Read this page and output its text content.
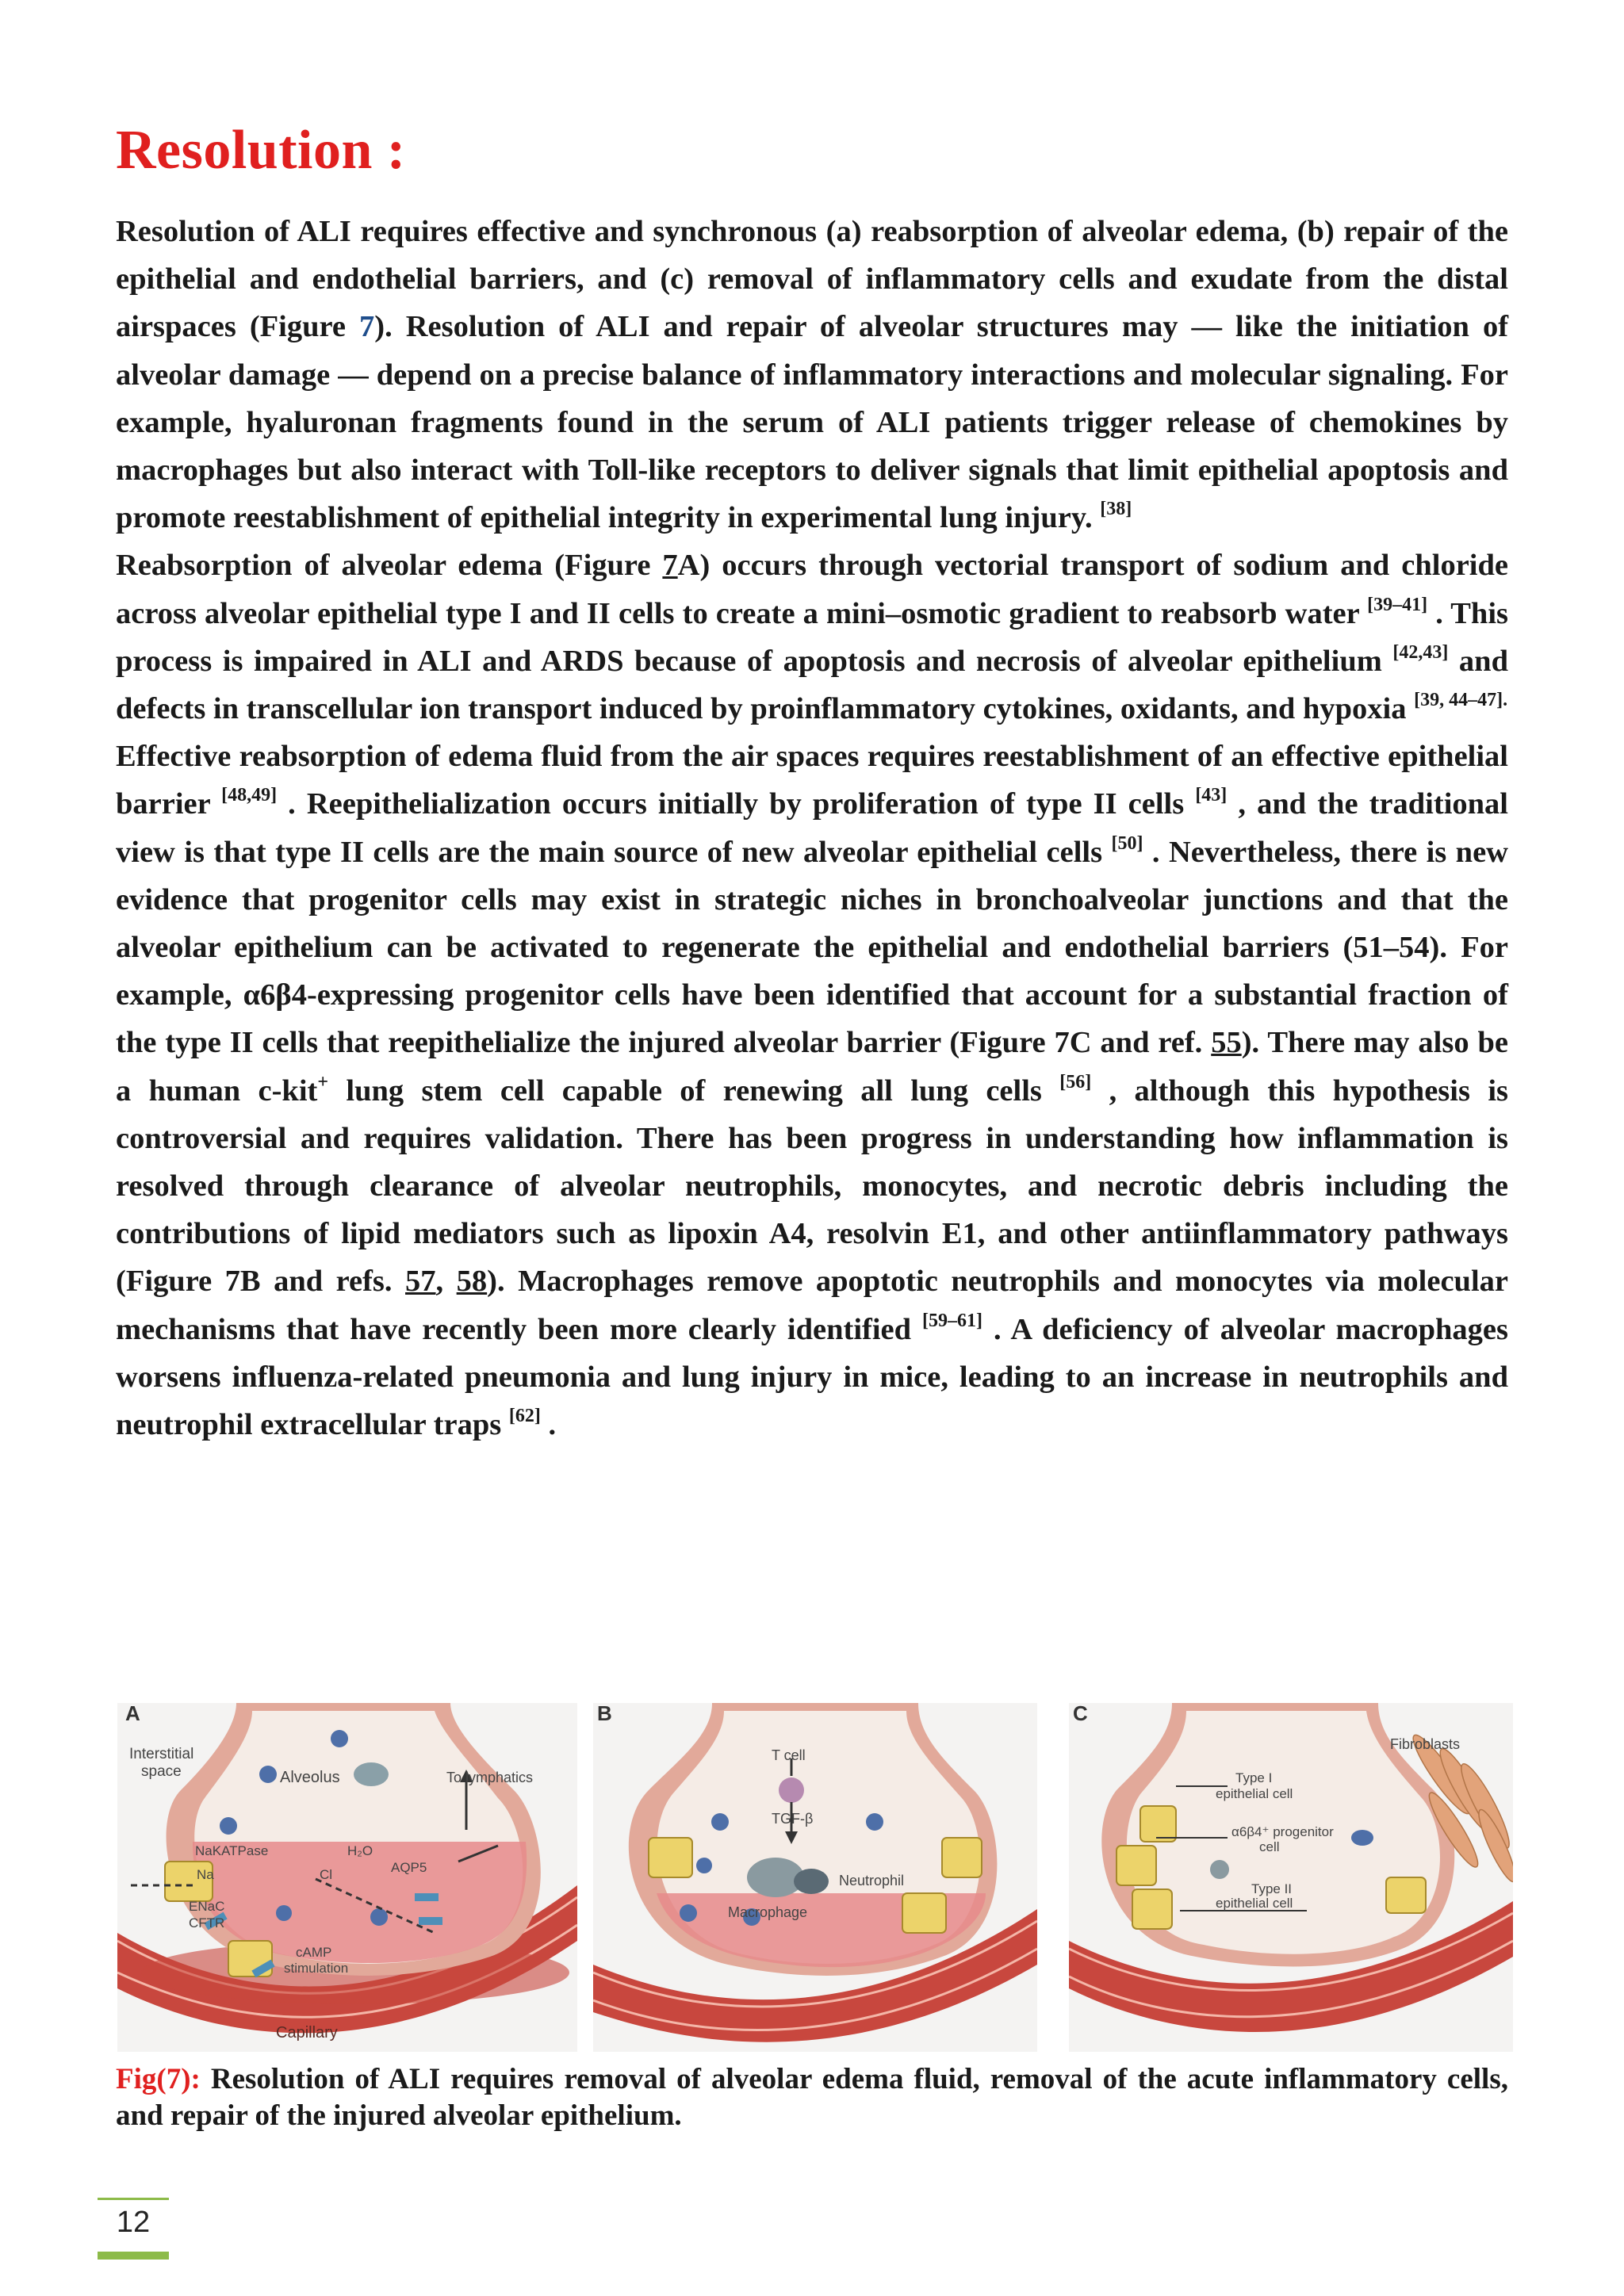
Resolution :

Resolution of ALI requires effective and synchronous (a) reabsorption of alveolar edema, (b) repair of the epithelial and endothelial barriers, and (c) removal of inflammatory cells and exudate from the distal airspaces (Figure 7). Resolution of ALI and repair of alveolar structures may — like the initiation of alveolar damage — depend on a precise balance of inflammatory interactions and molecular signaling. For example, hyaluronan fragments found in the serum of ALI patients trigger release of chemokines by macrophages but also interact with Toll-like receptors to deliver signals that limit epithelial apoptosis and promote reestablishment of epithelial integrity in experimental lung injury. [38]

Reabsorption of alveolar edema (Figure 7A) occurs through vectorial transport of sodium and chloride across alveolar epithelial type I and II cells to create a mini–osmotic gradient to reabsorb water [39–41] . This process is impaired in ALI and ARDS because of apoptosis and necrosis of alveolar epithelium [42,43] and defects in transcellular ion transport induced by proinflammatory cytokines, oxidants, and hypoxia $^{[39, 44-47].}$

Effective reabsorption of edema fluid from the air spaces requires reestablishment of an effective epithelial barrier [48,49] . Reepithelialization occurs initially by proliferation of type II cells [43] , and the traditional view is that type II cells are the main source of new alveolar epithelial cells [50] . Nevertheless, there is new evidence that progenitor cells may exist in strategic niches in bronchoalveolar junctions and that the alveolar epithelium can be activated to regenerate the epithelial and endothelial barriers (51–54). For example, α6β4-expressing progenitor cells have been identified that account for a substantial fraction of the type II cells that reepithelialize the injured alveolar barrier (Figure 7C and ref. 55). There may also be a human c-kit+ lung stem cell capable of renewing all lung cells [56] , although this hypothesis is controversial and requires validation. There has been progress in understanding how inflammation is resolved through clearance of alveolar neutrophils, monocytes, and necrotic debris including the contributions of lipid mediators such as lipoxin A4, resolvin E1, and other antiinflammatory pathways (Figure 7B and refs. 57, 58). Macrophages remove apoptotic neutrophils and monocytes via molecular mechanisms that have recently been more clearly identified [59–61] . A deficiency of alveolar macrophages worsens influenza-related pneumonia and lung injury in mice, leading to an increase in neutrophils and neutrophil extracellular traps [62] .

A
Interstitial
space	Alveolus	To lymphatics
NaKATPase	H₂O
AQP5
Na	Cl
ENaC
CFTR
cAMP
stimulation
Capillary
B
T cell
TGF-β
Neutrophil
Macrophage
C
Fibroblasts
Type I
epithelial cell
α6β4⁺ progenitor
cell
Type II
epithelial cell
Fig(7): Resolution of ALI requires removal of alveolar edema fluid, removal of the acute inflammatory cells, and repair of the injured alveolar epithelium.
12
